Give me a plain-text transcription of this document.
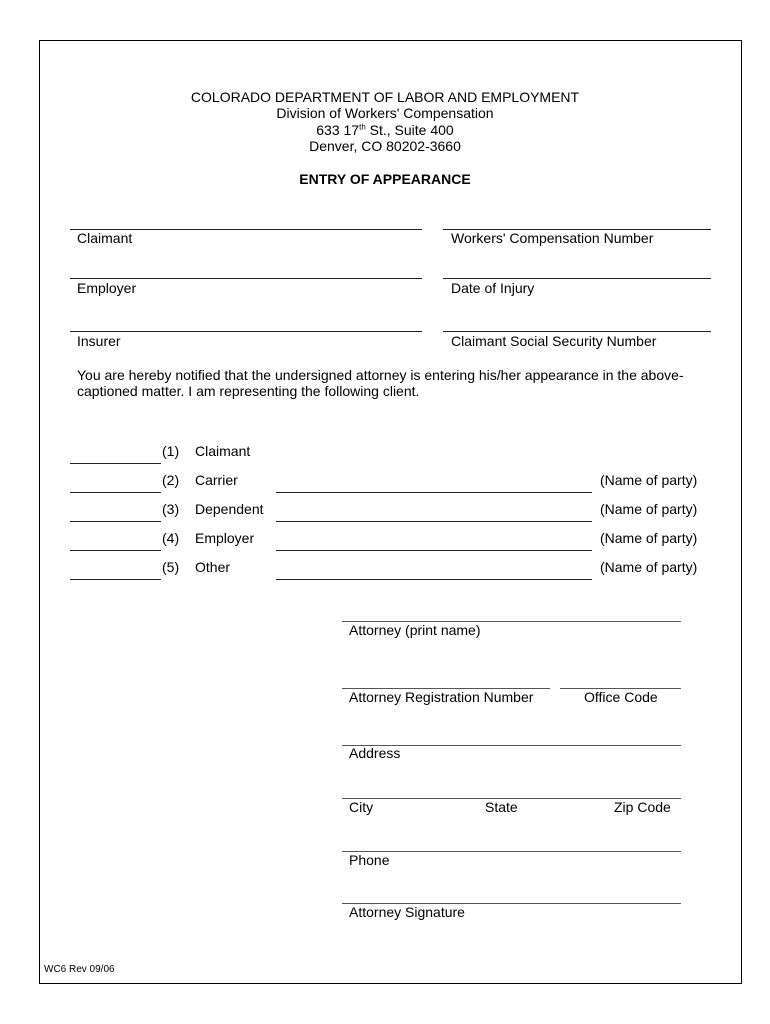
COLORADO DEPARTMENT OF LABOR AND EMPLOYMENT
Division of Workers' Compensation
633 17th St., Suite 400
Denver, CO 80202-3660
ENTRY OF APPEARANCE
Claimant	Workers' Compensation Number
Employer	Date of Injury
Insurer	Claimant Social Security Number
You are hereby notified that the undersigned attorney is entering his/her appearance in the above-
captioned matter. I am representing the following client.
(1) Claimant
(2) Carrier	(Name of party)
(3) Dependent	(Name of party)
(4) Employer	(Name of party)
(5) Other	(Name of party)
Attorney (print name)
Attorney Registration Number	Office Code
Address
City	State	Zip Code
Phone
Attorney Signature
WC6 Rev 09/06
